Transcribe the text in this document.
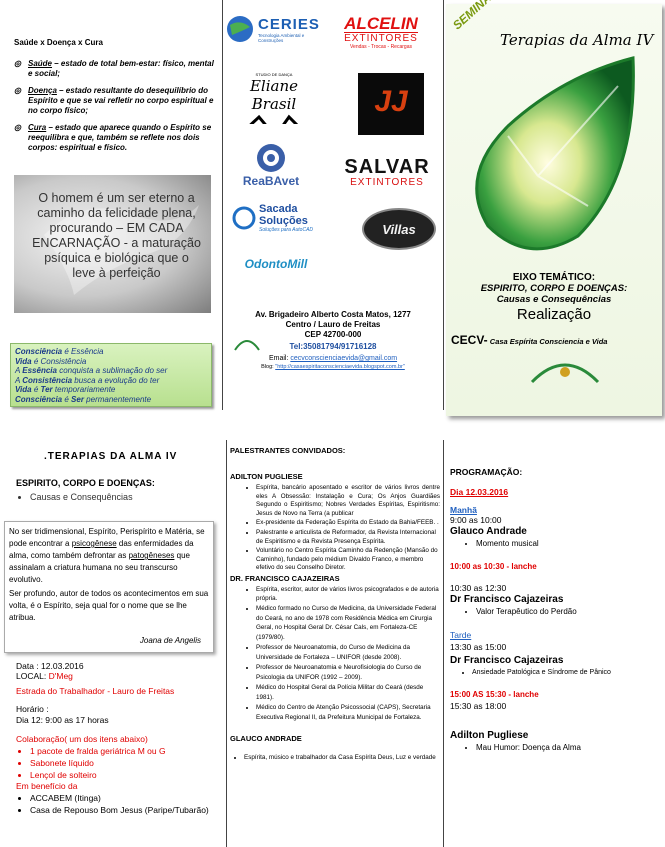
Saúde x Doença x Cura
◎ Saúde – estado de total bem-estar: físico, mental e social;
◎ Doença – estado resultante do desequilíbrio do Espírito e que se vai refletir no corpo espiritual e no corpo físico;
◎ Cura – estado que aparece quando o Espírito se reequilibra e que, também se reflete nos dois corpos: espiritual e físico.
O homem é um ser eterno a caminho da felicidade plena, procurando – EM CADA ENCARNAÇÃO - a maturação psíquica e biológica que o leve à perfeição
Consciência é Essência
Vida é Consistência
A Essência conquista a sublimação do ser
A Consistência busca a evolução do ter
Vida é Ter temporariamente
Consciência é Ser permanentemente
CERIES
Tecnologia Ambiental e Construções
ALCELIN
EXTINTORES
Vendas - Trocas - Recargas
STUDIO DE DANÇA
Eliane Brasil	JJ

ReaBAvet
SALVAR
EXTINTORES
Sacada Soluções
Soluções para AutoCAD	Villas
OdontoMill
Av. Brigadeiro Alberto Costa Matos, 1277
Centro / Lauro de Freitas
CEP 42700-000
Tel:35081794/91716128
Email: cecvconscienciaevida@gmail.com
Blog: "http://casaespiritaconscienciaevida.blogspot.com.br"
Terapias da Alma IV
EIXO TEMÁTICO:
ESPIRITO, CORPO E DOENÇAS:
Causas e Consequências
Realização
CECV- Casa Espírita Consciencia e Vida
.TERAPIAS DA ALMA IV
ESPIRITO, CORPO E DOENÇAS:
• Causas e Consequências
No ser tridimensional, Espírito, Perispírito e Matéria, se pode encontrar a psicogênese das enfermidades da alma, como também defrontar as patogêneses que assinalam a criatura humana no seu transcurso evolutivo.
Ser profundo, autor de todos os acontecimentos em sua volta, é o Espírito, seja qual for o nome que se lhe atribua.
Joana de Angelis
Data : 12.03.2016
LOCAL: D'Meg
Estrada do Trabalhador - Lauro de Freitas
Horário :
Dia 12: 9:00 as 17 horas
Colaboração( um dos itens abaixo)
• 1 pacote de fralda geriátrica M ou G
• Sabonete líquido
• Lençol de solteiro
Em benefício da
• ACCABEM (Itinga)
• Casa de Repouso Bom Jesus (Paripe/Tubarão)
PALESTRANTES CONVIDADOS:
ADILTON PUGLIESE
• Espírita, bancário aposentado e escritor de vários livros dentre eles A Obsessão: Instalação e Cura; Os Anjos Guardiães Segundo o Espiritismo; Nobres Verdades Espíritas, Espiritismo: Jesus de Novo na Terra (a publicar
• Ex-presidente da Federação Espírita do Estado da Bahia/FEEB. .
• Palestrante e articulista de Reformador, da Revista Internacional de Espiritismo e da Revista Presença Espírita.
• Voluntário no Centro Espírita Caminho da Redenção (Mansão do Caminho), fundado pelo médium Divaldo Franco, e membro efetivo do seu Conselho Diretor.
DR. FRANCISCO CAJAZEIRAS
• Espírita, escritor, autor de vários livros psicografados e de autoria própria.
• Médico formado no Curso de Medicina, da Universidade Federal do Ceará, no ano de 1978 com Residência Médica em Cirurgia Geral, no Hospital Geral Dr. César Cals, em Fortaleza-CE (1979/80).
• Professor de Neuroanatomia, do Curso de Medicina da Universidade de Fortaleza – UNIFOR (desde 2008).
• Professor de Neuroanatomia e Neurofisiologia do Curso de Psicologia da UNIFOR (1992 – 2009).
• Médico do Hospital Geral da Polícia Militar do Ceará (desde 1981).
• Médico do Centro de Atenção Psicossocial (CAPS), Secretaria Executiva Regional II, da Prefeitura Municipal de Fortaleza.
GLAUCO ANDRADE
• Espírita, músico e trabalhador da Casa Espírita Deus, Luz e verdade
PROGRAMAÇÃO:
Dia 12.03.2016
Manhã
9:00 as 10:00
Glauco Andrade
• Momento musical
10:00 as 10:30 - lanche
10:30 as 12:30
Dr Francisco Cajazeiras
• Valor Terapêutico do Perdão
Tarde
13:30 as 15:00
Dr Francisco Cajazeiras
• Ansiedade Patológica e Síndrome de Pânico
15:00 AS 15:30 - lanche
15:30 as 18:00
Adilton Pugliese
• Mau Humor: Doença da Alma
